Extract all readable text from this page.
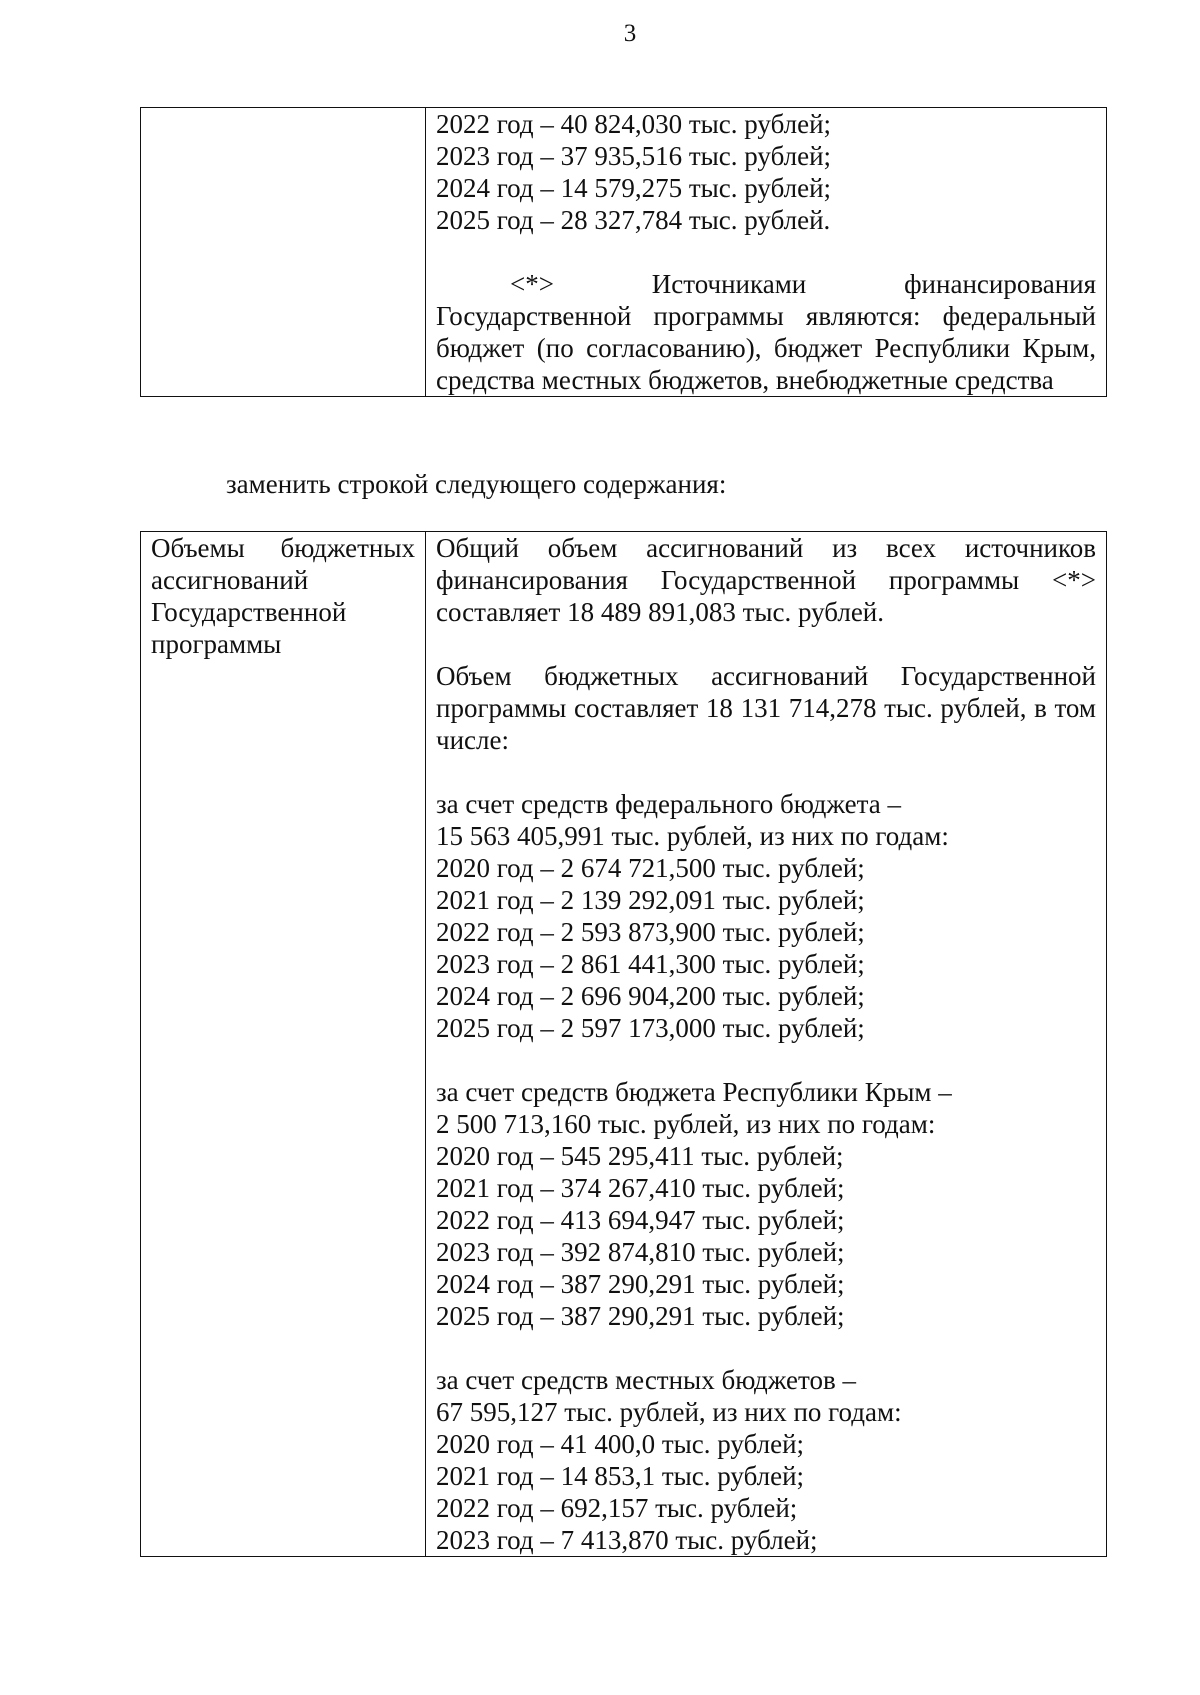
3

2022 год – 40 824,030 тыс. рублей;
2023 год – 37 935,516 тыс. рублей;
2024 год – 14 579,275 тыс. рублей;
2025 год – 28 327,784 тыс. рублей.
<*>	Источниками	финансирования
Государственной программы являются: федеральный бюджет (по согласованию), бюджет Республики Крым, средства местных бюджетов, внебюджетные средства
заменить строкой следующего содержания:
Объемы бюджетных ассигнований Государственной программы

Общий объем ассигнований из всех источников финансирования Государственной программы <*> составляет 18 489 891,083 тыс. рублей.
Объем бюджетных ассигнований Государственной программы составляет 18 131 714,278 тыс. рублей, в том числе:
за счет средств федерального бюджета –
15 563 405,991 тыс. рублей, из них по годам:
2020 год – 2 674 721,500 тыс. рублей;
2021 год – 2 139 292,091 тыс. рублей;
2022 год – 2 593 873,900 тыс. рублей;
2023 год – 2 861 441,300 тыс. рублей;
2024 год – 2 696 904,200 тыс. рублей;
2025 год – 2 597 173,000 тыс. рублей;
за счет средств бюджета Республики Крым –
2 500 713,160 тыс. рублей, из них по годам:
2020 год – 545 295,411 тыс. рублей;
2021 год – 374 267,410 тыс. рублей;
2022 год – 413 694,947 тыс. рублей;
2023 год – 392 874,810 тыс. рублей;
2024 год – 387 290,291 тыс. рублей;
2025 год – 387 290,291 тыс. рублей;
за счет средств местных бюджетов –
67 595,127 тыс. рублей, из них по годам:
2020 год – 41 400,0 тыс. рублей;
2021 год – 14 853,1 тыс. рублей;
2022 год – 692,157 тыс. рублей;
2023 год – 7 413,870 тыс. рублей;
